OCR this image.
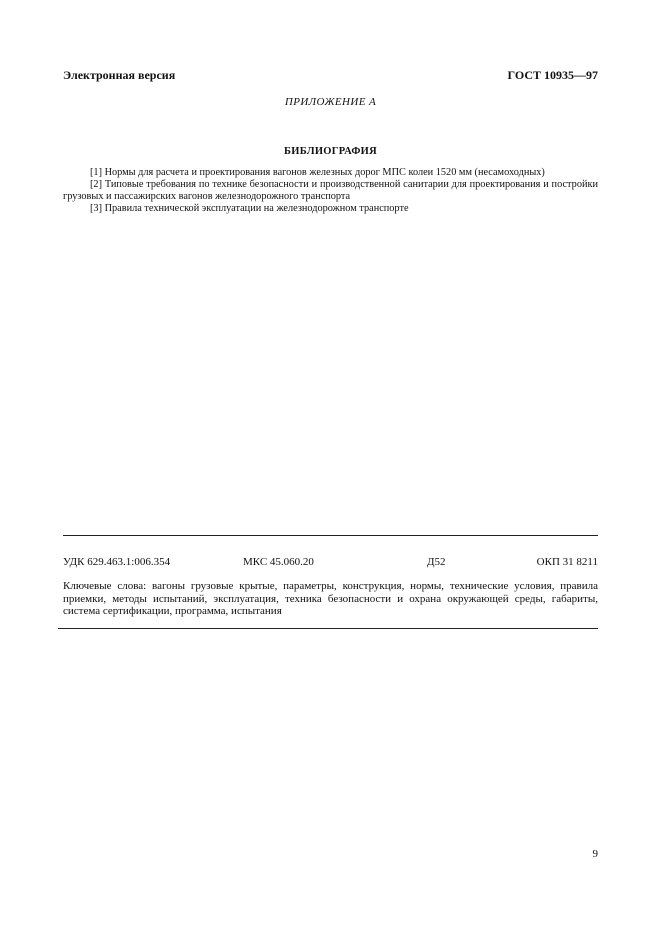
Электронная версия	ГОСТ 10935—97
ПРИЛОЖЕНИЕ А
БИБЛИОГРАФИЯ

[1] Нормы для расчета и проектирования вагонов железных дорог МПС колеи 1520 мм (несамоходных)

[2] Типовые требования по технике безопасности и производственной санитарии для проектирования и постройки грузовых и пассажирских вагонов железнодорожного транспорта

[3] Правила технической эксплуатации на железнодорожном транспорте

УДК 629.463.1:006.354	МКС 45.060.20	Д52	ОКП 31 8211
Ключевые слова: вагоны грузовые крытые, параметры, конструкция, нормы, технические условия, правила приемки, методы испытаний, эксплуатация, техника безопасности и охрана окружающей среды, габариты, система сертификации, программа, испытания
9
